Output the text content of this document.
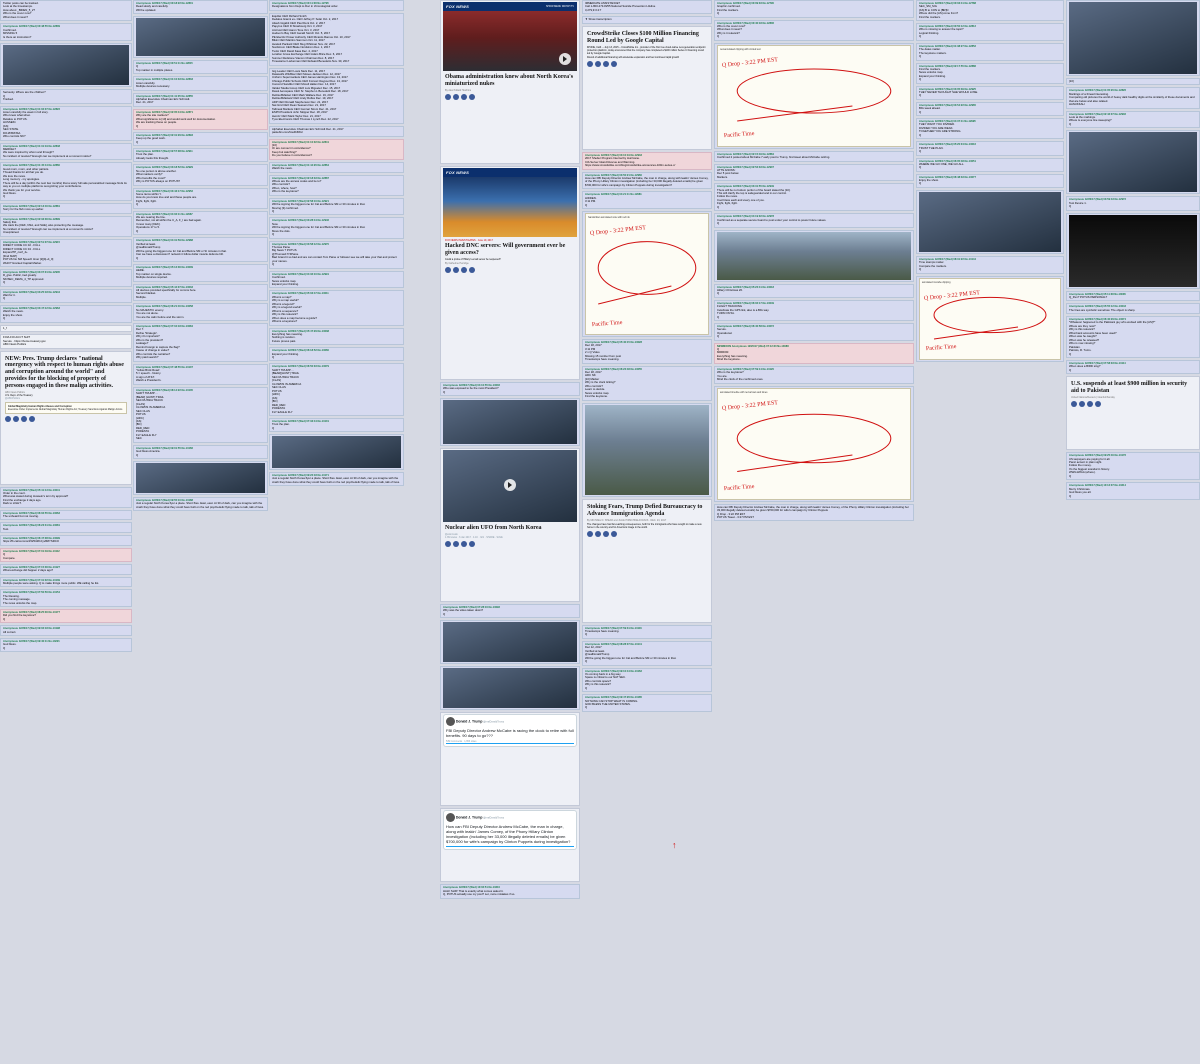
Twitter posts can be tracked.
Look at the timestamps.
How about _BIDEN_5_2?
Who is the cover now?
What does it mean?
Anonymous 12/20/17 (Wed) 00:48:55 No.12809
Confirmed.
MISSING 5
Is there an instruction?
Seriously. Where are the children?
Q
Tracked.
Anonymous 12/20/17 (Wed) 01:02:07 No.12822
Listen carefully the week in full story.
Who knew what when.
Relative to POTUS.
HUSSEIN.
[AS]
SEC STATE.
DOJ/FBI/NSA.
Who controls NK?
Anonymous 12/20/17 (Wed) 01:31:19 No.12848
MERKEL?
We were inspired by whom and through?
No incident of resolve? Enough can we implement at a moment notice?
Anonymous 12/20/17 (Wed) 01:45:44 No.12860
Good morn, morn, and other patriots.
Thread thanks for all that you do.
We love the news.
Long memory - my apologies.
There will be a day (within the next few months) that a scary full safe personalized message finds its way to you on multiple platforms recognizing your contributions.
We thank you for your service.
God bless.
Q
Anonymous 12/20/17 (Wed) 02:13:40 No.12881
Sorry for the flub more up earlier.
Anonymous 12/20/17 (Wed) 02:33:36 No.12899
Safety first.
We track the [KEK, NSA, and SHE], also protecting the message.
No incident of resolve? Enough can we implement at a moment's notice?
Unexplained.
Anonymous 12/20/17 (Wed) 02:51:07 No.12915
DIRECT CODE CC 02 - FULL
DIRECT CODE CC 04 - FULL
ExpandTP_conf_4+
[Find MAP]
POTUS No SM Speech timer [2][4]+4_0]
WHO? Granted Capital Marker.
Anonymous 12/20/17 (Wed) 03:07:01 No.12935
R_give. Public, tied greatly.
NK/SEC_FEMA_4_TP approved.
Q
Anonymous 12/20/17 (Wed) 03:25:18 No.12944
Wait for it.
Q
Anonymous 12/20/17 (Wed) 03:47:12 No.12963
Watch the news.
Enjoy the show.
Q
1_f
FOIA FOI ACCT SHIT
Secure · https://home.treasury.gov
ABC News Politics
NEW: Pres. Trump declares "national emergency with respect to human rights abuse and corruption around the world" and provides for the blocking of property of persons engaged in these malign activities.
ABC News Politics
U.S. Dept. of the Treasury
@ABCPolitics
Global Magnitsky Human Rights Abuses and Corruption
Executive Order Implements Global Magnitsky Human Rights Act; Treasury Sanctions Against Malign Actors
Anonymous 12/20/17 (Wed) 05:41:13 No.13041
Order in the court.
What was stated during Hussein's term by approval?
Find the exchange 2 days ago.
Dark to LIGHT.
Anonymous 12/20/17 (Wed) 06:02:55 No.13063
The unheard but not moving.
Anonymous 12/20/17 (Wed) 06:23:31 No.13081
Test.
Anonymous 12/20/17 (Wed) 06:47:08 No.13099
https://fb.cat/comms/1525428-Fyv8MYSRCO
Anonymous 12/20/17 (Wed) 07:01:49 No.13112
Q
Compare.
Anonymous 12/20/17 (Wed) 07:15:36 No.13127
What exchange did happen 2 days ago?
Anonymous 12/20/17 (Wed) 07:31:02 No.13139
Multiple people were asking. Q to make things more public. WE calling he list.
Anonymous 12/20/17 (Wed) 07:50:50 No.13154
The blessing.
The coming message.
The news unlocks the map.
Anonymous 12/20/17 (Wed) 08:25:30 No.13177
Did you find the keystone?
Q
Anonymous 12/20/17 (Wed) 09:02:18 No.13198
All correct.
Anonymous 12/20/17 (Wed) 09:40:11 No.13221
God bless.
Q
Anonymous 12/20/17 (Wed) 00:18:22 No.12801
Read slowly and carefully.
Will be updated.
Anonymous 12/20/17 (Wed) 00:51:11 No.12815
Q
Top marker in multiple places.
Anonymous 12/20/17 (Wed) 01:10:33 No.12833
Listen carefully.
Multiple devices necessary.
Anonymous 12/20/17 (Wed) 01:41:05 No.12855
Alphabet Executive Chairman Eric Schmidt.
Dec. 21, 2017
Anonymous 12/20/17 (Wed) 02:05:44 No.12871
Why are the site markers?
What significance is [10] and would work well for documentation.
We are tracking these on people.
Q
Anonymous 12/20/17 (Wed) 02:31:29 No.12893
Keep up the good work.
Q
Anonymous 12/20/17 (Wed) 02:57:08 No.12911
Trust the plan.
Already looks this thought.
Anonymous 12/20/17 (Wed) 03:18:52 No.12929
No one person is above another.
What markers verify?
Who benefits the most?
Why is POTUS always on POTUS?
Anonymous 12/20/17 (Wed) 03:43:17 No.12952
Some items within Y.
How do you know true and and these people are.
Fight, fight, fight.
Q
Anonymous 12/20/17 (Wed) 04:02:11 No.12967
We are nearing the line.
Remember, not all within the C_A, F_I are bad again.
I know many [KEK].
Operations 17 to 5.
Q
Anonymous 12/20/17 (Wed) 04:31:59 No.12988
Verified at least.
@realDonaldTrump
Will be going the biggest one for Cal and Before SM or SI minutes in that.
Can we have a discussion? network it follow dollar muscle defence bill.
Q
Anonymous 12/20/17 (Wed) 05:12:36 No.13009
HERE.
Top marker on single device.
Multiple devices required.
Anonymous 12/20/17 (Wed) 05:44:07 No.13033
All devices provided specifically for comms here.
Second blanket.
Multiple.
Anonymous 12/20/17 (Wed) 06:21:40 No.13058
No MAJESTIC enemy.
You are not alone.
You are the calm before and the storm.
Anonymous 12/20/17 (Wed) 07:04:18 No.13084
Dec 7.
Define 'Strategic'.
Why it's important?
Who is the president?
Leakage?
Remind foreign to capture the flag?
Cause of change in value?
Who controls the narrative?
Why paid search?
Anonymous 12/20/17 (Wed) 07:48:55 No.13107
'Yellow Brick Road'.
5 = speech - history.
A sign of AT&T.
Watch a President's.
Anonymous 12/20/17 (Wed) 08:14:22 No.13135
SHIFT TRUMP ...
[BEAR] [HUNT] TRAIL
SEC RUSSIA TRACK
[CLAS]
CLOWNS IN AMERICA
SEC CLAS
POTUS
[HRC]
[AS]
[BC]
RED_RED
PODESTA
FLY EAGLE FLY
SEC
Anonymous 12/20/17 (Wed) 09:01:55 No.13166
God bless America.
Q
Anonymous 12/20/17 (Wed) 09:55:10 No.13188
Just a regular North Korea flyer a place. Short flies. East, east. At 30 of dark, can you imagine with the crash they have done what they could have built on the red psychedelic flying made to talk, talk of lives.
Anonymous 12/20/17 (Wed) 00:11:08 No.12795
Designations from Dept to Doc in chronological order.
Equifax CEO Richard Smith
Dedalus Gianni ex- CEO Jeffrey P. Solar Oct. 2, 2017
Alweb Gigabit CEO Paul Dent Oct. 2, 2017
Papyrus CEO D Strasbourg Oct. 3, 2017
Amtrust CEO Aaron Tone Oct. 3, 2017
Hudson's Bay CEO Gerald Storch Oct. 5, 2017
PE Electric Power Authority CEO Ricardo Ramos Oct. 10, 2017
Bikini CEO Martins Sammon Oct. 11, 2017
Hewlett Packard CEO Meg Whitman Nov. 22, 2017
Nordstrom CEO Blake Nordstrom Dec. 1, 2017
Tudor CEO David Kaas Dec. 4, 2017
Lorallon Grove Exchange CEO Adam Brice Dec. 6, 2017
Sumner Redstone Viacom Chairman Dec. 8, 2017
Timewarner Lieberman CEO Edward Benedetto Nov. 30, 2017
Gig Leader CEO Louis Niels Dec. 11, 2017
Datawolfs WildStar CEO Moses Jackson Dec. 12, 2017
Uniform Supermarkets CEO James Harrington Dec. 13, 2017
Chicago Public Schools CEO Forrest Claypool Dec. 13, 2017
Concord Sandifer CEO Morell Hallen Dec. 14, 2017
Valdez Media Group CEO Luis Miguelez Dec. 15, 2017
Dasol Aerospace CEO Sr. Stephen L Benedetti Dec. 18, 2017
DebtsoftMarket CEO Mark Wallace Dec. 19, 2017
DebtsoftMarket2 CEO Andy Rolfes Dec. 19, 2017
ADP CEO Ronald Stephenson Dec. 21, 2017
Nat Grid CEO Dean Seavers Dec. 21, 2017
Tallmeal Markets CEO Gunnar Strom Dec. 21, 2017
ESPN President John Skipper Dec. 18, 2017
Heinzz CEO Mark Taylor Dec. 21, 2017
Tyco Electronics CEO Thomas J Lynch Dec. 22, 2017
Alphabet Executive Chairman Eric Schmidt Dec. 21, 2017
pastebin.com/Gw4b6Wd
Anonymous 12/20/17 (Wed) 01:10:02 No.12841
[10]
Or are connect in coincidence?
Keep but watching?
Do you believe in coincidences?
Anonymous 12/20/17 (Wed) 01:44:20 No.12864
Watch the news.
Anonymous 12/20/17 (Wed) 02:18:33 No.12887
Where are the access codes and tie to?
Who controls?
When, where, how?
Who is the keystone?
Anonymous 12/20/17 (Wed) 02:58:10 No.12921
Will be signing the biggest one for Cal and Before SM or 30 minutes in that.
Moving [3] confirmed.
Q
Anonymous 12/20/17 (Wed) 03:28:44 No.12946
Now.
Will be signing the biggest one for Cal and Before SM or 30 minutes in that.
Move the dots.
Q
Anonymous 12/20/17 (Wed) 03:58:12 No.12970
Thomas Paine
Big News ? POTUS
@Thomas1774Paine
Bad Grand it so bad and are can contact Tom Paine or follower see we will take your that and protect your names.
Q
Anonymous 12/20/17 (Wed) 04:32:10 No.12991
Confirmed.
News unlocks map.
Expand your thinking.
Anonymous 12/20/17 (Wed) 05:03:47 No.13011
What is a map?
Why is a map useful?
What is a legend?
Why is a legend useful?
What is a sequence?
Why is this relevant?
When does a map become a guide?
What is a keystone?
Anonymous 12/20/17 (Wed) 05:47:29 No.13038
Everything has meaning.
Nothing is random.
Future proves past.
Anonymous 12/20/17 (Wed) 06:18:52 No.13060
Expand your thinking.
Q
Anonymous 12/20/17 (Wed) 06:50:03 No.13079
SHIFT TRUMP ...
[BEAR][HUNT] TRAIL
SEC RUSSIA TRACK
[CLAS]
CLOWNS IN AMERICA
SEC CLAS
POTUS
[HRC]
[AS]
[BC]
RED_RED
PODESTA
FLY EAGLE FLY
Anonymous 12/20/17 (Wed) 07:33:44 No.13101
Trust the plan.
Q
Anonymous 12/20/17 (Wed) 09:22:18 No.13171
Just a regular North Korea flyer a place. Short flies. East, east. At 30 of dark, can you imagine with the crash they have done what they could have built on the red psychedelic flying made to talk, talk of lives.
FOX NEWS	SHOW MENU WATCH TV
Obama administration knew about North Korea's miniaturized nukes
By Alex Pollard Hutchins
FOX NEWS
FOX NEWS INVESTIGATES · June 19, 2017
Hacked DNC servers: Will government ever be given access?
Could a probe of Hillary's email server be reopened?
By Catherine Herridge
Anonymous 12/20/17 (Wed) 04:10:55 No.13002
Who was exposed to be the most President?
Q
Nuclear alien UFO from North Korea
@elonmusk
1.3M views · 6 Jan 2017 · 4.1K · 321 · SHARE · SAVE
Anonymous 12/20/17 (Wed) 07:28:16 No.13092
Why was the video taken down?
Q
Donald J. Trump @realDonaldTrump
FBI Deputy Director Andrew McCabe is racing the clock to retire with full benefits. 90 days to go???
539 Comments   1,653 Likes
Donald J. Trump @realDonaldTrump
How can FBI Deputy Director Andrew McCabe, the man in charge, along with leakin' James Comey, of the Phony Hillary Clinton investigation (including her 33,000 illegally deleted emails) be given $700,000 for wife's campaign by Clinton Puppets during investigation?
Anonymous 12/20/17 (Wed) 10:02:51 No.13210
HALF SHIP. That is exactly what comes asked it.
Q, POTUS actually use my post? Let, more mistakes if so.
IMMEDIATE ASSISTANCE?
Call 1-800-273-8255 National Suicide Prevention Lifeline
3,279,9:3:4:7
▼ Show transcription
CrowdStrike Closes $100 Million Financing Round Led by Google Capital
IRVINE, Calif. – July 13, 2015 – CrowdStrike Inc., provider of the first true cloud-native next-generation endpoint protection platform, today announced that the company has completed a $100 million Series C financing round led by Google Capital.
Round of additional financing will accelerate expansion and fuel continued rapid growth
Anonymous 12/20/17 (Wed) 03:10:19 No.12933
2017 Shelter Program Internal by Hurricane.
CIA Server Island Rescue and Warming.
https://www.crowdstrike.com/blog/crowdstrike-announces-100m-series-c/
Anonymous 12/20/17 (Wed) 03:50:21 No.12960
How can FBI Deputy Director Andrew McCabe, the man in charge, along with leakin' James Comey, of the Phony Hillary Clinton investigation (including her 33,000 illegally deleted emails) be given $700,000 for wife's campaign by Clinton Puppets during investigation?
Anonymous 12/20/17 (Wed) 04:21:11 No.12981
HIDDEN.
3:11 PM.
Q
handwritten annotated note with red ink
Q Drop - 3:22 PM EST
Pacific Time
Anonymous 12/20/17 (Wed) 05:40:15 No.13028
Dec 18, 2017
3:11 PM
2 x Q Video
Missing 15 number from post
Timestamps have meaning.
Anonymous 12/20/17 (Wed) 06:22:48 No.13055
Dec 18, 2017
HRC NK
[10] Marker
Why is the clock ticking?
Who controls?
Learn to decide.
News unlocks map.
Find the keystone.
Stoking Fears, Trump Defied Bureaucracy to Advance Immigration Agenda
By MICHAEL D. SHEAR and JULIE HIRSCHFELD DAVIS · DEC. 23, 2017
The changes have had far-reaching consequences, both for the immigrants who have sought to make a new home in the country and for America's image in the world.
Anonymous 12/20/17 (Wed) 07:59:31 No.13116
Timestamps have meaning.
Q
Anonymous 12/20/17 (Wed) 08:28:07 No.13141
Dec 12, 2017
Verified at least.
@realDonaldTrump
Will be going the biggest one for Cal and Before SM or 30 minutes in that.
Q
Anonymous 12/20/17 (Wed) 09:10:44 No.13162
It's coming back in a big way.
Space is critical to our NAT SEC.
Who controls space?
Why is this relevant?
Q
Anonymous 12/20/17 (Wed) 09:47:26 No.13185
NOTHING CAN STOP WHAT IS COMING.
GOD BLESS THE UNITED STATES.
Q
Anonymous 12/20/17 (Wed) 00:09:03 No.12790
Graphic confirmed.
Find the markers.
Q
Anonymous 12/20/17 (Wed) 00:40:18 No.12806
Who is the cover now?
What does it mean?
Why is it relevant?
Q
red-annotated clipping with circled text
Q Drop - 3:22 PM EST
Pacific Time
Anonymous 12/20/17 (Wed) 02:15:49 No.12884
Confirmed 2 posted about McCabe 7 early post to Trump, find tweet about McCabe retiring.
Anonymous 12/20/17 (Wed) 02:52:33 No.12907
ATTN ANONS:
Dec 5 post below.
Markers.
Anonymous 12/20/17 (Wed) 03:31:55 No.12949
There will be no bottom portion of the board stated the [10].
This will clarify the top is safeguarded and in our control.
Follow the news.
Cool bless each and every one of you.
Fight, fight, fight.
Q
Anonymous 12/20/17 (Wed) 04:19:02 No.12978
Confirmed as a separate secure board to post under your control to power future values.
Q
Anonymous 12/20/17 (Wed) 05:22:41 No.13018
Hillary Christmas 20.
Q
Anonymous 12/20/17 (Wed) 06:02:17 No.13049
FLIGHT TRACKING
Celebrate the GPS link, also is a BIG way.
TURN ON 5A.
Q
Anonymous 12/20/17 (Wed) 06:40:58 No.13072
Secure.
Operational.
Q
NEWMOON Anonymous 12/20/17 (Wed) 07:12:30 No.13088
Q
MIRROR.
Everything has meaning.
Mind the keystone.
Anonymous 12/20/17 (Wed) 07:59:14 No.13120
Who is the keystone?
You are.
Mind the clock of the confirmed ones.
annotated timeline with red arrows and times
Q Drop - 3:22 PM EST
Pacific Time
How can FBI Deputy Director Andrew McCabe, the man in charge, along with leakin' James Comey, of the Phony Hillary Clinton investigation (including her 33,000 illegally deleted emails) be given $700,000 for wife's campaign by Clinton Puppets
Q Drop - 3:22 PM EST
POTUS Tweet - 3:27 PM EST
Anonymous 12/20/17 (Wed) 00:03:41 No.12788
SEC_SM_SIG
[AS] B to CON to [BR]N
Where did the [AS] come from?
Find the markers.
Anonymous 12/20/17 (Wed) 00:50:12 No.12812
Who is missing to answer the topic?
Logical thinking.
Q
Anonymous 12/20/17 (Wed) 01:38:27 No.12852
The dates matter.
The keystone matters.
Q
Anonymous 12/20/17 (Wed) 02:17:55 No.12886
Find the markers.
News unlocks map.
Expand your thinking.
Q
Anonymous 12/20/17 (Wed) 03:05:39 No.12925
THEY NEVER THOUGHT SHE WOULD LOSE.
Q
Anonymous 12/20/17 (Wed) 03:54:22 No.12965
BIG week ahead.
Q
Anonymous 12/20/17 (Wed) 04:37:11 No.12995
THEY WANT YOU DIVIDED.
DIVIDED YOU ARE WEAK.
TOGETHER YOU ARE STRONG.
Q
Anonymous 12/20/17 (Wed) 05:20:04 No.13016
TRUST THE PLAN.
Q
Anonymous 12/20/17 (Wed) 06:05:48 No.13051
WHERE WE GO ONE, WE GO ALL.
Q
Anonymous 12/20/17 (Wed) 06:48:33 No.13077
Enjoy the show.
Q
Anonymous 12/20/17 (Wed) 08:31:22 No.13144
Time stamps matter.
Compare the markers.
Q
annotated mccabe clipping
Q Drop - 3:22 PM EST
Pacific Time
[10]
Anonymous 12/20/17 (Wed) 01:05:20 No.12826
Markings of a thread interesting.
Comparing old pictures the world of heavy dark healthy digits at the similarity of these documents and that are below and also related.
HANUKKAH
Anonymous 12/20/17 (Wed) 02:42:07 No.12902
Look at the markings.
Where is everyone line sweeping?
Q
Anonymous 12/20/17 (Wed) 03:59:43 No.12972
Test Device 1.
Q
Anonymous 12/20/17 (Wed) 05:11:38 No.13006
Q_Pen? POTUS PERSONAL?
Anonymous 12/20/17 (Wed) 05:55:12 No.13043
The lines are symbolic somehow. The object is sharp.
Anonymous 12/20/17 (Wed) 06:40:29 No.13074
*Whatever happened to the Pakistani guy who worked with the [AS]?*
Where are they now?
Why is this relevant?
What bank accounts have been used?
When was he caught?
When was he released?
Who is now missing?
Pakistan.
Patriots, R. Turns.
Q
Anonymous 12/20/17 (Wed) 07:58:03 No.13114
When does a BIRD sing?
Q
U.S. suspends at least $900 million in security aid to Pakistan
United Nations/Reuters | Istanbul/Sunday
Anonymous 12/20/17 (Wed) 09:25:40 No.13176
US taxpayers are paying for it all.
Panic accent in plain sight.
Follow the money.
It's the biggest scandal in history.
WWG1WGA (where).
Q
Anonymous 12/20/17 (Wed) 10:12:07 No.13214
Merry Christmas.
God bless you all.
Q
↑
